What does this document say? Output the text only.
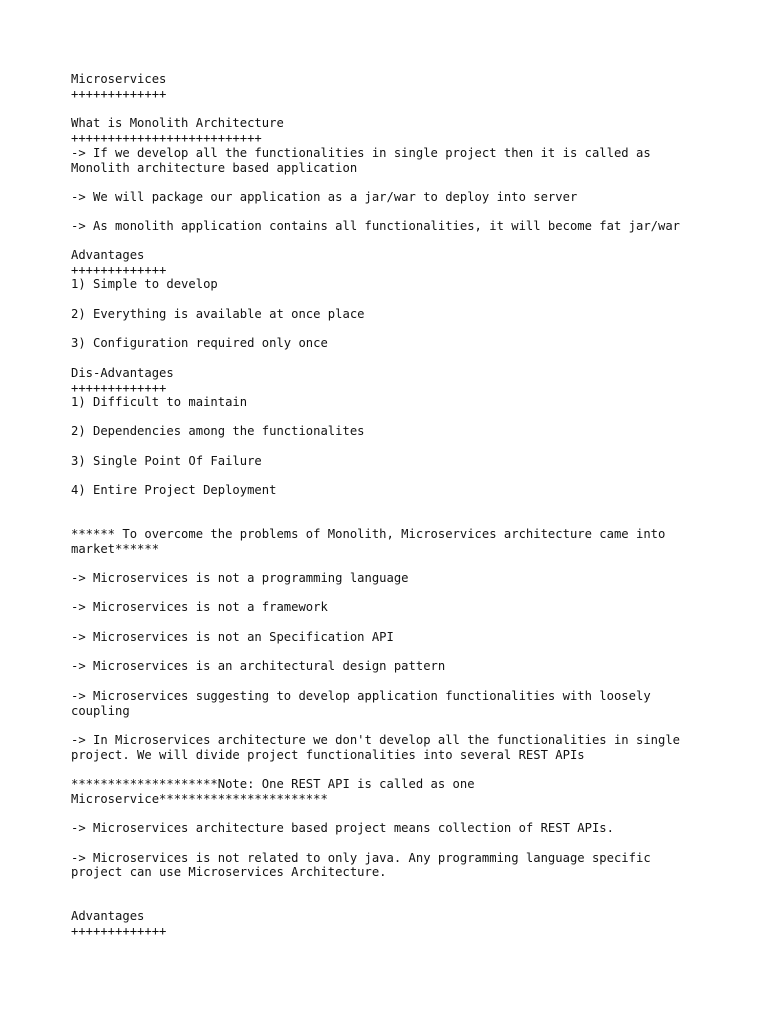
Microservices

+++++++++++++

What is Monolith Architecture

++++++++++++++++++++++++++

-> If we develop all the functionalities in single project then it is called as

Monolith architecture based application

-> We will package our application as a jar/war to deploy into server

-> As monolith application contains all functionalities, it will become fat jar/war

Advantages

+++++++++++++

1) Simple to develop

2) Everything is available at once place

3) Configuration required only once

Dis-Advantages

+++++++++++++

1) Difficult to maintain

2) Dependencies among the functionalites

3) Single Point Of Failure

4) Entire Project Deployment

****** To overcome the problems of Monolith, Microservices architecture came into

market******

-> Microservices is not a programming language

-> Microservices is not a framework

-> Microservices is not an Specification API

-> Microservices is an architectural design pattern

-> Microservices suggesting to develop application functionalities with loosely

coupling

-> In Microservices architecture we don't develop all the functionalities in single

project. We will divide project functionalities into several REST APIs

********************Note: One REST API is called as one

Microservice***********************

-> Microservices architecture based project means collection of REST APIs.

-> Microservices is not related to only java. Any programming language specific

project can use Microservices Architecture.

Advantages

+++++++++++++
